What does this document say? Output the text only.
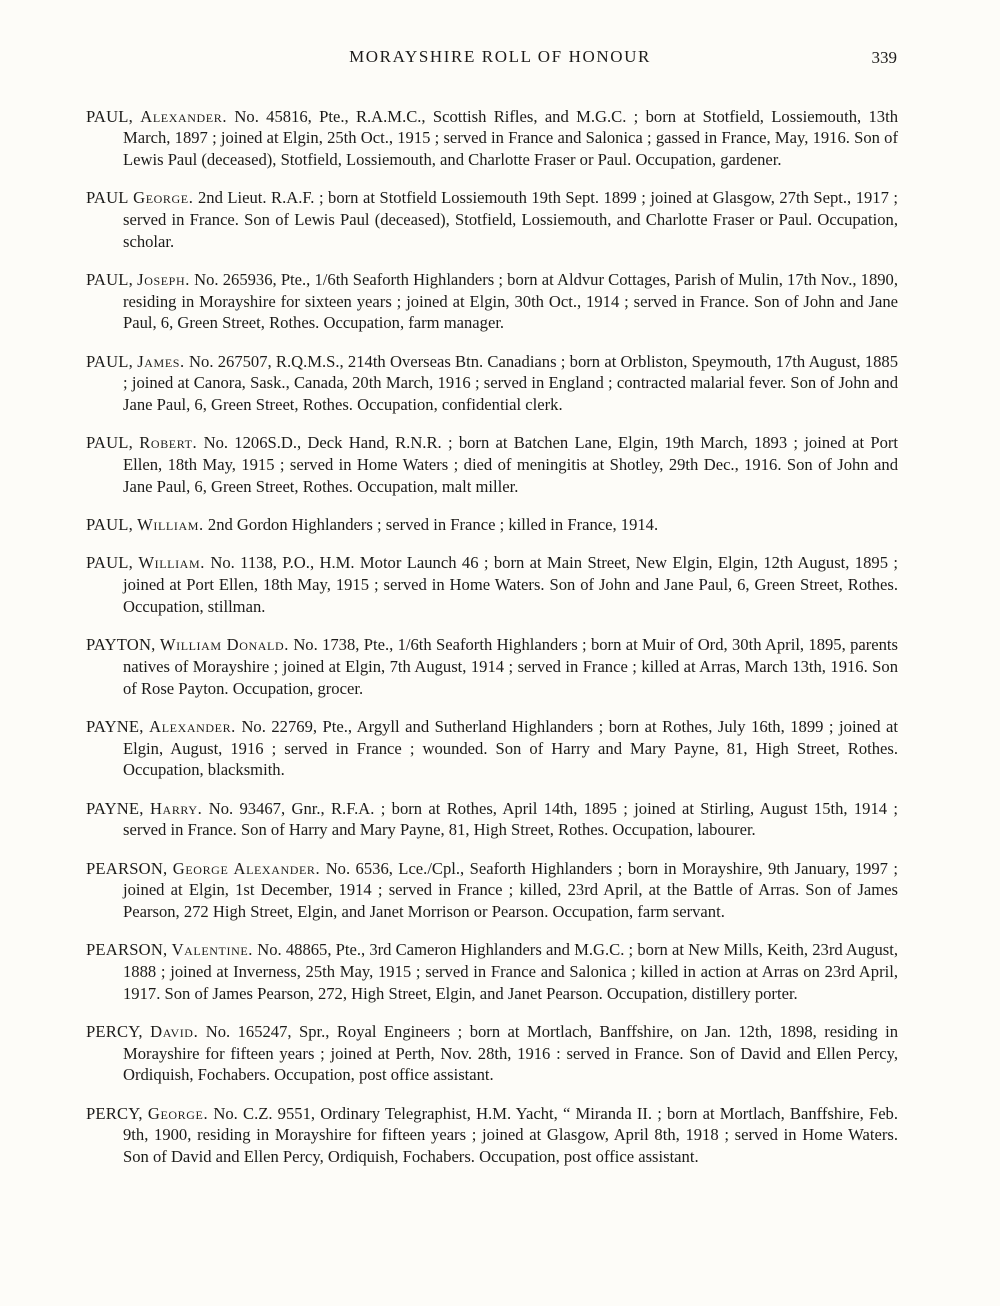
MORAYSHIRE ROLL OF HONOUR	339

PAUL, Alexander. No. 45816, Pte., R.A.M.C., Scottish Rifles, and M.G.C. ; born at Stotfield, Lossiemouth, 13th March, 1897 ; joined at Elgin, 25th Oct., 1915 ; served in France and Salonica ; gassed in France, May, 1916. Son of Lewis Paul (deceased), Stotfield, Lossiemouth, and Charlotte Fraser or Paul. Occupation, gardener.

PAUL George. 2nd Lieut. R.A.F. ; born at Stotfield Lossiemouth 19th Sept. 1899 ; joined at Glasgow, 27th Sept., 1917 ; served in France. Son of Lewis Paul (deceased), Stotfield, Lossiemouth, and Charlotte Fraser or Paul. Occupation, scholar.

PAUL, Joseph. No. 265936, Pte., 1/6th Seaforth Highlanders ; born at Aldvur Cottages, Parish of Mulin, 17th Nov., 1890, residing in Morayshire for sixteen years ; joined at Elgin, 30th Oct., 1914 ; served in France. Son of John and Jane Paul, 6, Green Street, Rothes. Occupation, farm manager.

PAUL, James. No. 267507, R.Q.M.S., 214th Overseas Btn. Canadians ; born at Orbliston, Speymouth, 17th August, 1885 ; joined at Canora, Sask., Canada, 20th March, 1916 ; served in England ; contracted malarial fever. Son of John and Jane Paul, 6, Green Street, Rothes. Occupation, confidential clerk.

PAUL, Robert. No. 1206S.D., Deck Hand, R.N.R. ; born at Batchen Lane, Elgin, 19th March, 1893 ; joined at Port Ellen, 18th May, 1915 ; served in Home Waters ; died of meningitis at Shotley, 29th Dec., 1916. Son of John and Jane Paul, 6, Green Street, Rothes. Occupation, malt miller.

PAUL, William. 2nd Gordon Highlanders ; served in France ; killed in France, 1914.

PAUL, William. No. 1138, P.O., H.M. Motor Launch 46 ; born at Main Street, New Elgin, Elgin, 12th August, 1895 ; joined at Port Ellen, 18th May, 1915 ; served in Home Waters. Son of John and Jane Paul, 6, Green Street, Rothes. Occupation, stillman.

PAYTON, William Donald. No. 1738, Pte., 1/6th Seaforth Highlanders ; born at Muir of Ord, 30th April, 1895, parents natives of Morayshire ; joined at Elgin, 7th August, 1914 ; served in France ; killed at Arras, March 13th, 1916. Son of Rose Payton. Occupation, grocer.

PAYNE, Alexander. No. 22769, Pte., Argyll and Sutherland Highlanders ; born at Rothes, July 16th, 1899 ; joined at Elgin, August, 1916 ; served in France ; wounded. Son of Harry and Mary Payne, 81, High Street, Rothes. Occupation, blacksmith.

PAYNE, Harry. No. 93467, Gnr., R.F.A. ; born at Rothes, April 14th, 1895 ; joined at Stirling, August 15th, 1914 ; served in France. Son of Harry and Mary Payne, 81, High Street, Rothes. Occupation, labourer.

PEARSON, George Alexander. No. 6536, Lce./Cpl., Seaforth Highlanders ; born in Morayshire, 9th January, 1997 ; joined at Elgin, 1st December, 1914 ; served in France ; killed, 23rd April, at the Battle of Arras. Son of James Pearson, 272 High Street, Elgin, and Janet Morrison or Pearson. Occupation, farm servant.

PEARSON, Valentine. No. 48865, Pte., 3rd Cameron Highlanders and M.G.C. ; born at New Mills, Keith, 23rd August, 1888 ; joined at Inverness, 25th May, 1915 ; served in France and Salonica ; killed in action at Arras on 23rd April, 1917. Son of James Pearson, 272, High Street, Elgin, and Janet Pearson. Occupation, distillery porter.

PERCY, David. No. 165247, Spr., Royal Engineers ; born at Mortlach, Banffshire, on Jan. 12th, 1898, residing in Morayshire for fifteen years ; joined at Perth, Nov. 28th, 1916 : served in France. Son of David and Ellen Percy, Ordiquish, Fochabers. Occupation, post office assistant.

PERCY, George. No. C.Z. 9551, Ordinary Telegraphist, H.M. Yacht, “ Miranda II. ; born at Mortlach, Banffshire, Feb. 9th, 1900, residing in Morayshire for fifteen years ; joined at Glasgow, April 8th, 1918 ; served in Home Waters. Son of David and Ellen Percy, Ordiquish, Fochabers. Occupation, post office assistant.
